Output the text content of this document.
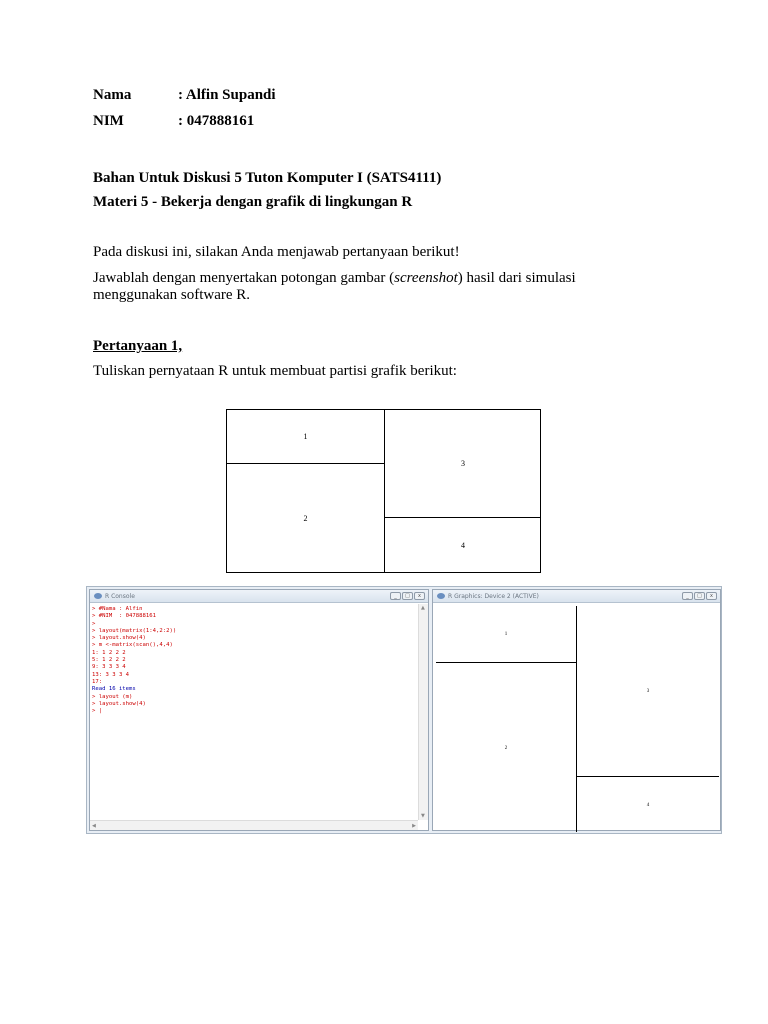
Nama	: Alfin Supandi
NIM	: 047888161
Bahan Untuk Diskusi 5 Tuton Komputer I (SATS4111)
Materi 5 - Bekerja dengan grafik di lingkungan R
Pada diskusi ini, silakan Anda menjawab pertanyaan berikut!
Jawablah dengan menyertakan potongan gambar (screenshot) hasil dari simulasi
menggunakan software R.
Pertanyaan 1,
Tuliskan pernyataan R untuk membuat partisi grafik berikut:
1
2
3
4
R Console	_	□	x
> #Nama : Alfin
> #NIM  : 047888161
>
> layout(matrix(1:4,2:2))
> layout.show(4)
> m <-matrix(scan(),4,4)
1: 1 2 2 2
5: 1 2 2 2
9: 3 3 3 4
13: 3 3 3 4
17:
Read 16 items
> layout (m)
> layout.show(4)
> |
▲
▼
◀	▶
R Graphics: Device 2 (ACTIVE)	_	□	x
1
2
3
4
